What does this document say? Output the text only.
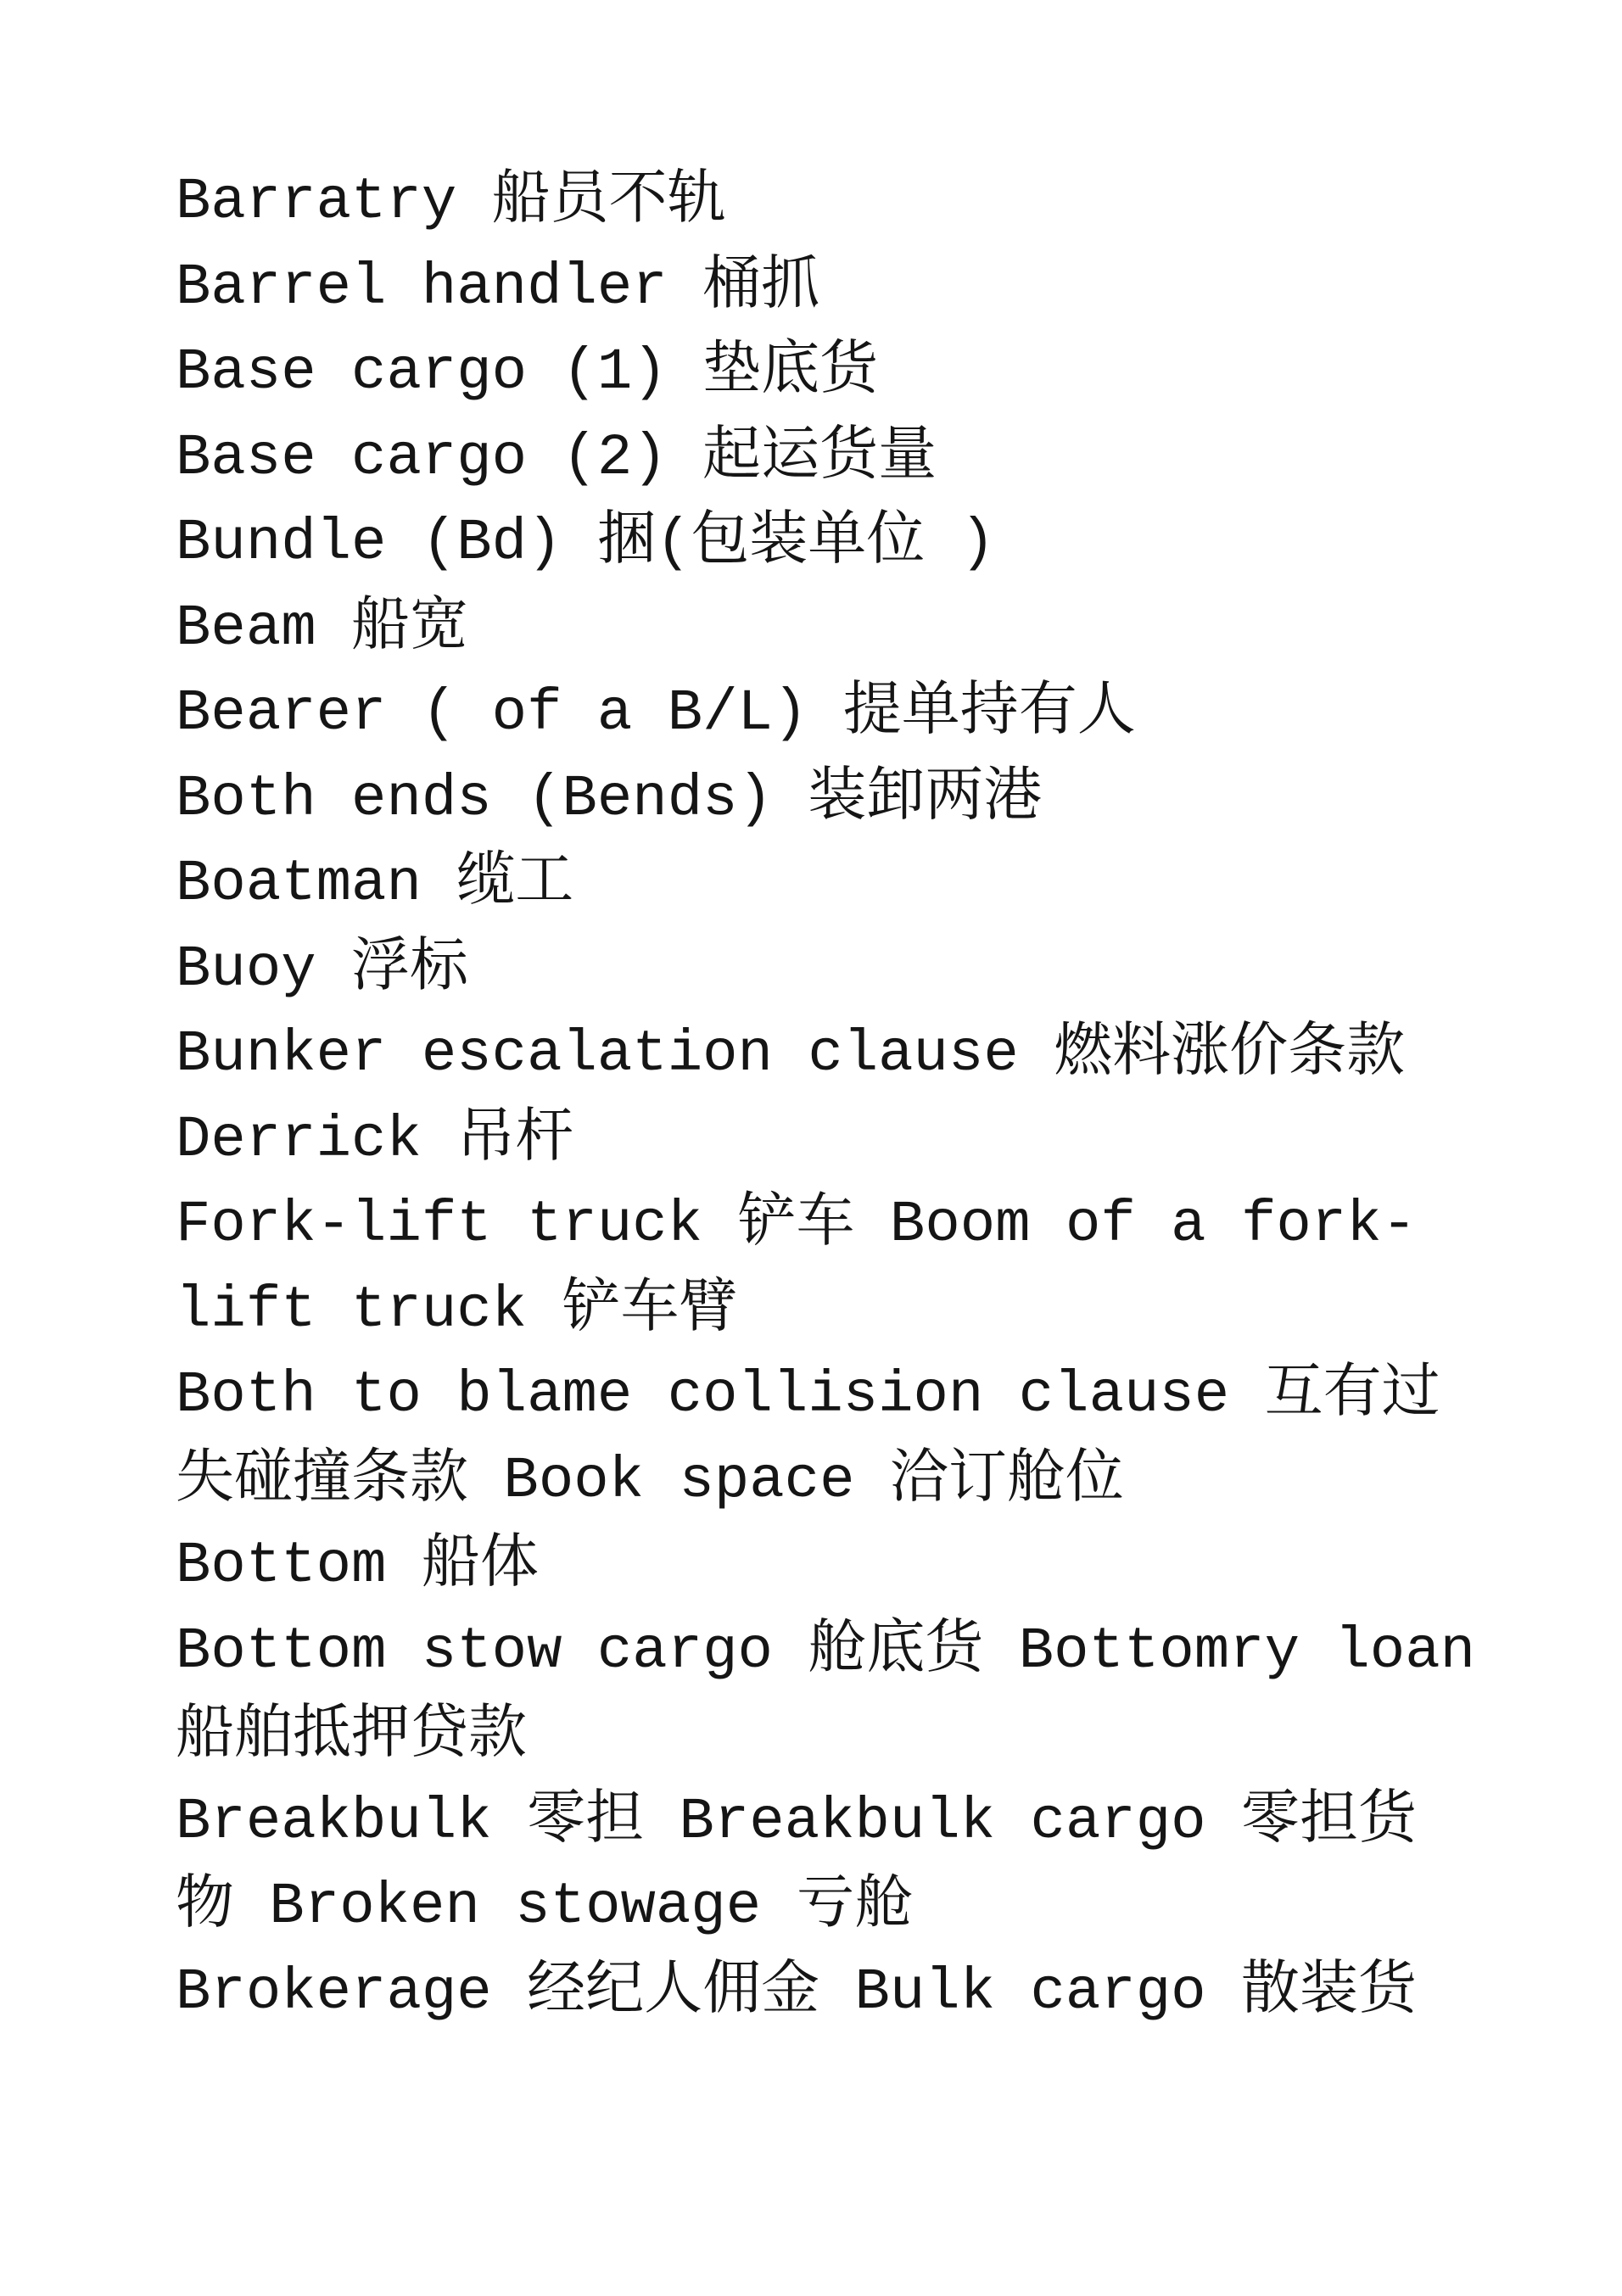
Barratry 船员不轨
Barrel handler 桶抓
Base cargo (1) 垫底货
Base cargo (2) 起运货量
Bundle (Bd) 捆(包装单位 )
Beam 船宽
Bearer ( of a B/L) 提单持有人
Both ends (Bends) 装卸两港
Boatman 缆工
Buoy 浮标
Bunker escalation clause 燃料涨价条款
Derrick 吊杆
Fork-lift truck 铲车 Boom of a fork-
lift truck 铲车臂
Both to blame collision clause 互有过
失碰撞条款 Book space 洽订舱位
Bottom 船体
Bottom stow cargo 舱底货 Bottomry loan
船舶抵押贷款
Breakbulk 零担 Breakbulk cargo 零担货
物 Broken stowage 亏舱
Brokerage 经纪人佣金 Bulk cargo 散装货
